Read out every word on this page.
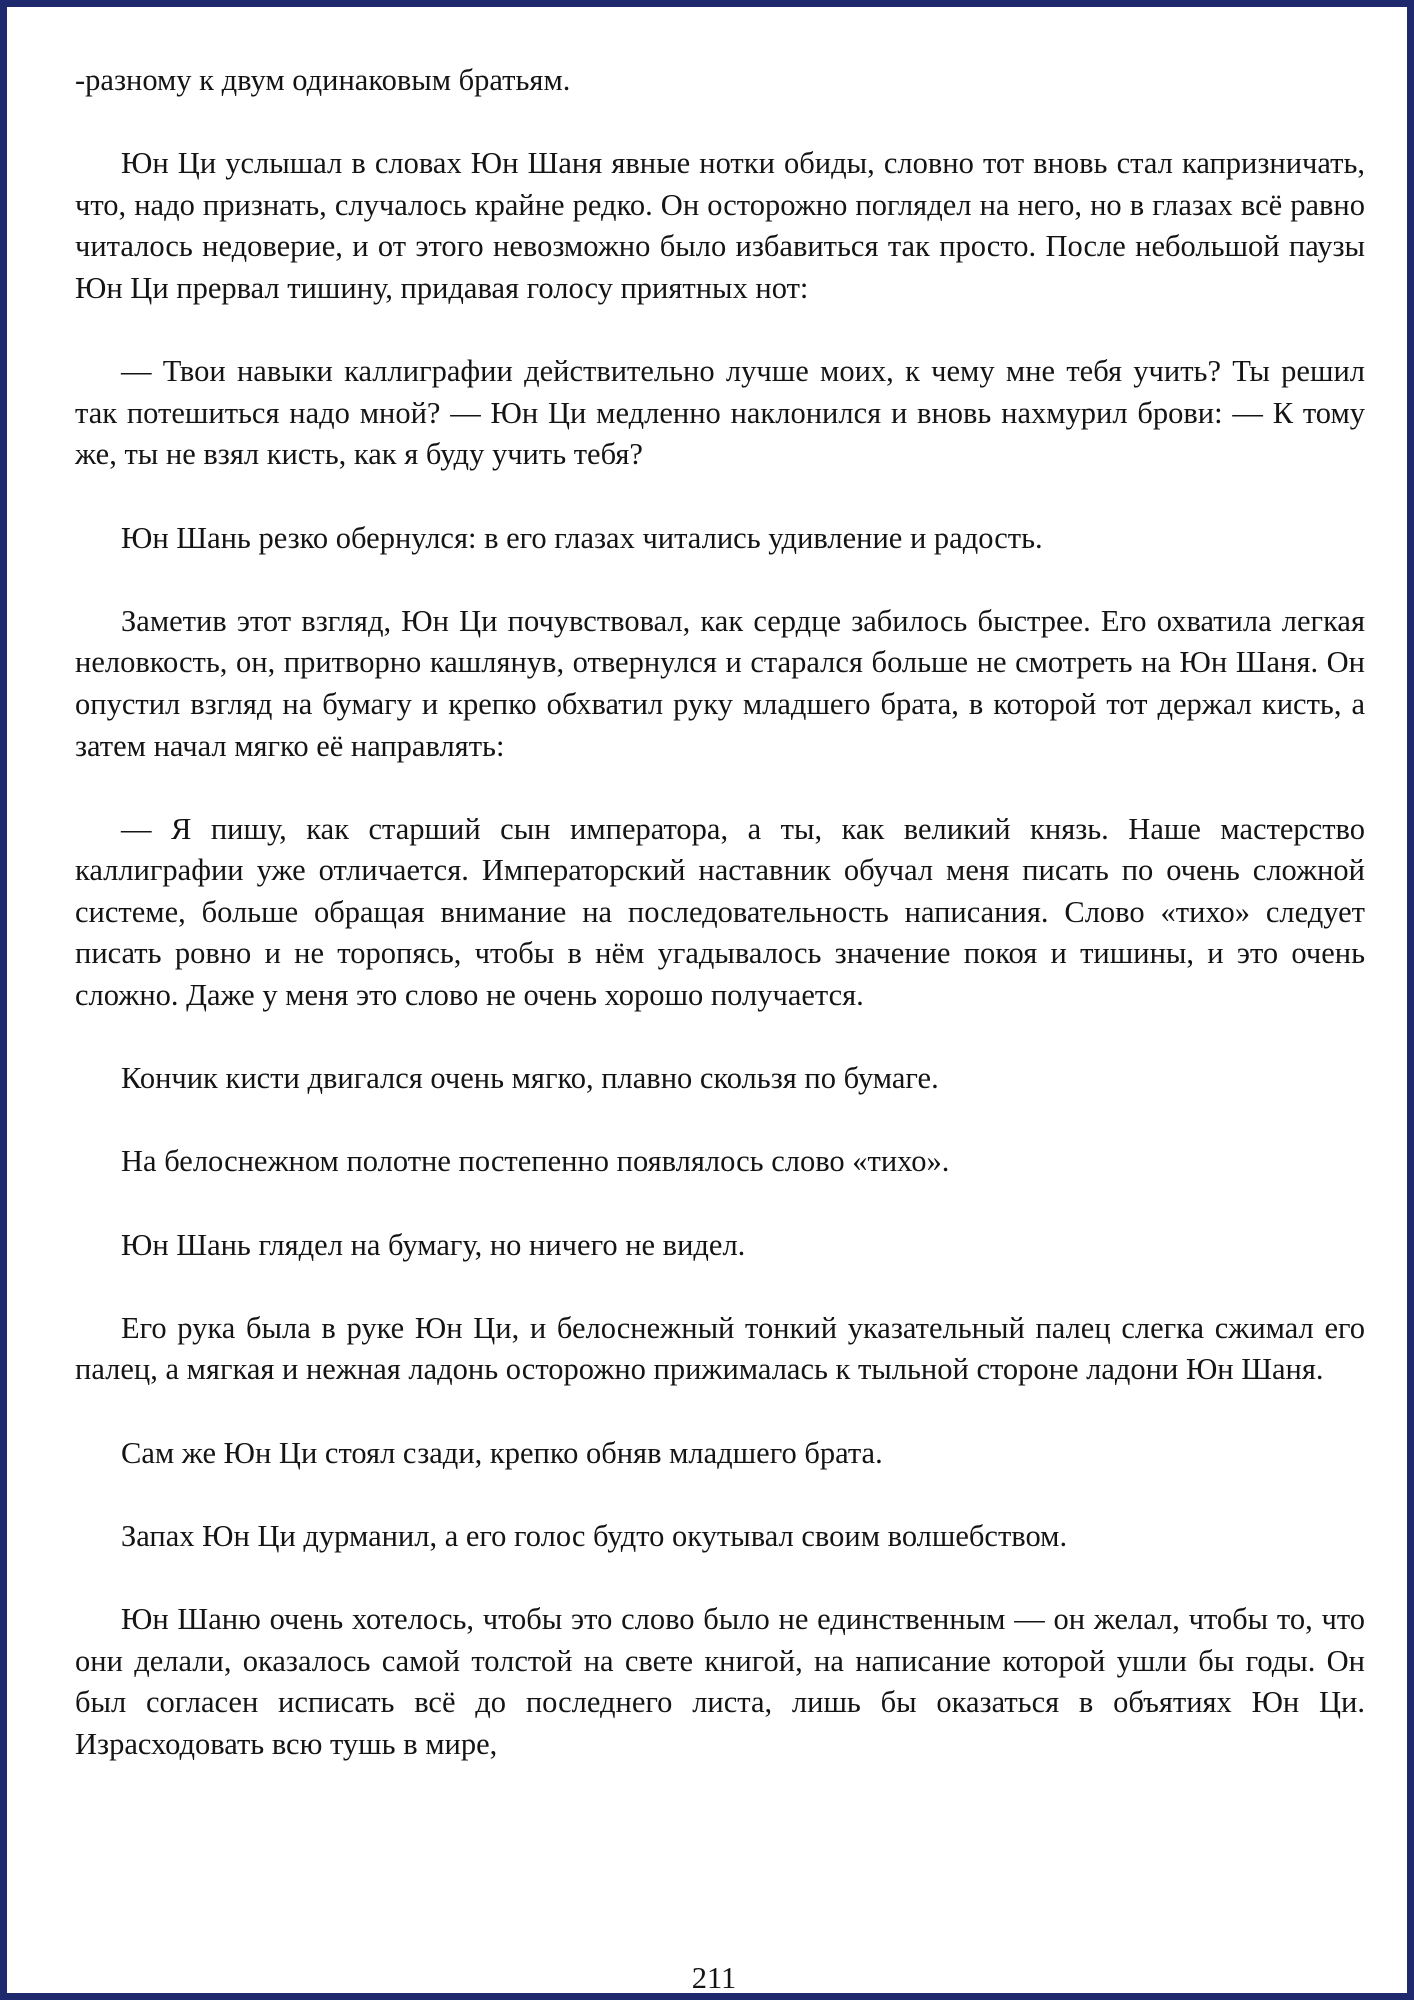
-разному к двум одинаковым братьям.

Юн Ци услышал в словах Юн Шаня явные нотки обиды, словно тот вновь стал капризничать, что, надо признать, случалось крайне редко. Он осторожно поглядел на него, но в глазах всё равно читалось недоверие, и от этого невозможно было избавиться так просто. После небольшой паузы Юн Ци прервал тишину, придавая голосу приятных нот:

— Твои навыки каллиграфии действительно лучше моих, к чему мне тебя учить? Ты решил так потешиться надо мной? — Юн Ци медленно наклонился и вновь нахмурил брови: — К тому же, ты не взял кисть, как я буду учить тебя?

Юн Шань резко обернулся: в его глазах читались удивление и радость.

Заметив этот взгляд, Юн Ци почувствовал, как сердце забилось быстрее. Его охватила легкая неловкость, он, притворно кашлянув, отвернулся и старался больше не смотреть на Юн Шаня. Он опустил взгляд на бумагу и крепко обхватил руку младшего брата, в которой тот держал кисть, а затем начал мягко её направлять:

— Я пишу, как старший сын императора, а ты, как великий князь. Наше мастерство каллиграфии уже отличается. Императорский наставник обучал меня писать по очень сложной системе, больше обращая внимание на последовательность написания. Слово «тихо» следует писать ровно и не торопясь, чтобы в нём угадывалось значение покоя и тишины, и это очень сложно. Даже у меня это слово не очень хорошо получается.

Кончик кисти двигался очень мягко, плавно скользя по бумаге.

На белоснежном полотне постепенно появлялось слово «тихо».

Юн Шань глядел на бумагу, но ничего не видел.

Его рука была в руке Юн Ци, и белоснежный тонкий указательный палец слегка сжимал его палец, а мягкая и нежная ладонь осторожно прижималась к тыльной стороне ладони Юн Шаня.

Сам же Юн Ци стоял сзади, крепко обняв младшего брата.

Запах Юн Ци дурманил, а его голос будто окутывал своим волшебством.

Юн Шаню очень хотелось, чтобы это слово было не единственным — он желал, чтобы то, что они делали, оказалось самой толстой на свете книгой, на написание которой ушли бы годы. Он был согласен исписать всё до последнего листа, лишь бы оказаться в объятиях Юн Ци. Израсходовать всю тушь в мире,

211
